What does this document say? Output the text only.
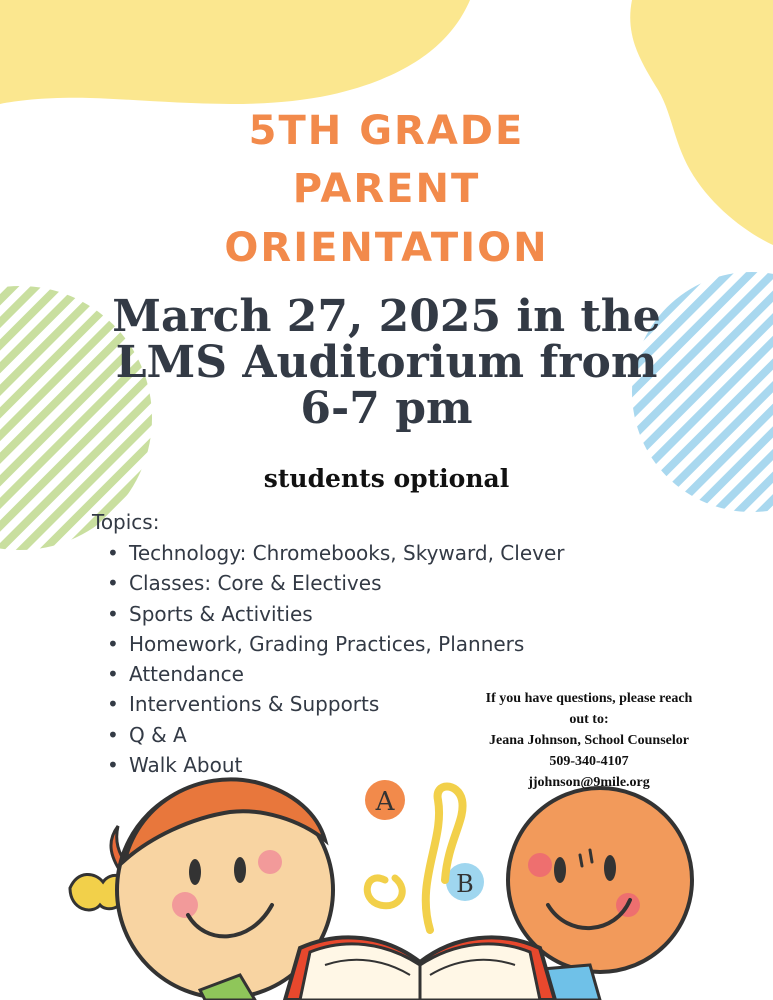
A
B
5TH GRADE
PARENT
ORIENTATION
March 27, 2025 in the
LMS Auditorium from
6-7 pm
students optional
Topics:
• Technology: Chromebooks, Skyward, Clever
• Classes: Core & Electives
• Sports & Activities
• Homework, Grading Practices, Planners
• Attendance
• Interventions & Supports
• Q & A
• Walk About
If you have questions, please reach
out to:
Jeana Johnson, School Counselor
509-340-4107
jjohnson@9mile.org
